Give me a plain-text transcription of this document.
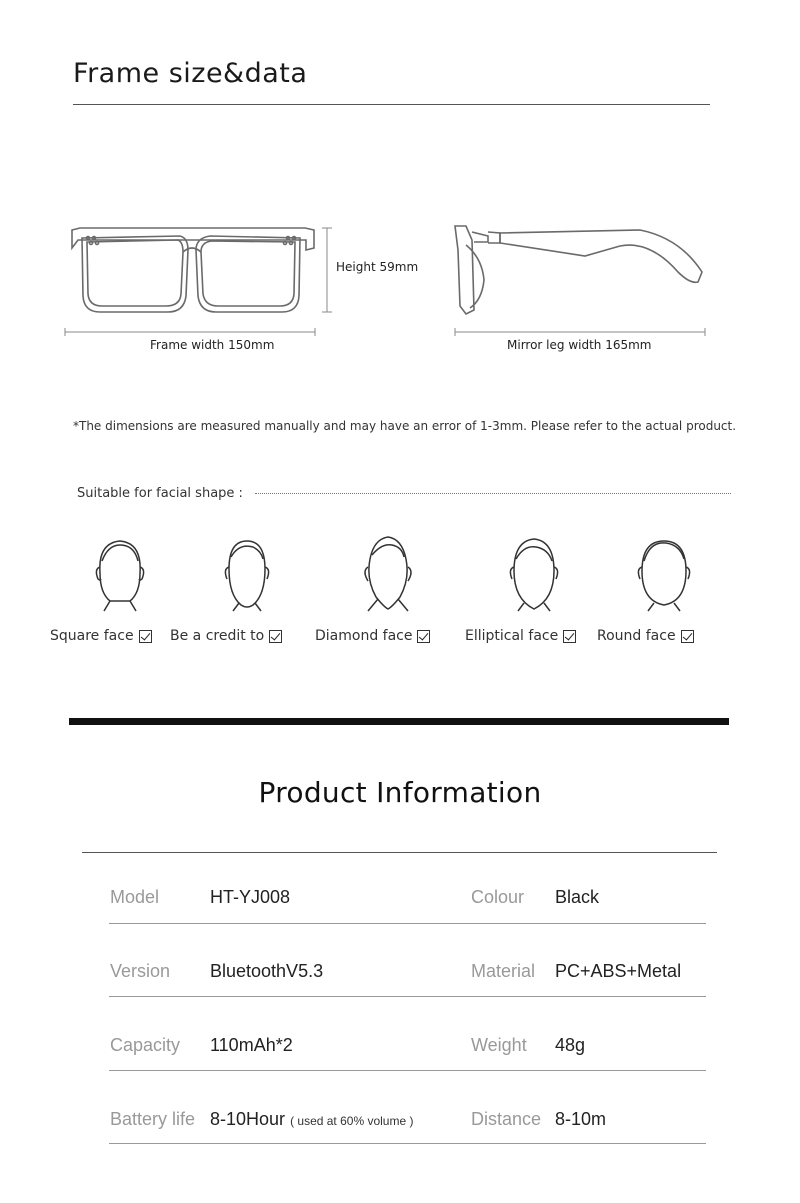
Frame size&data
Height 59mm
Frame width 150mm	Mirror leg width 165mm
*The dimensions are measured manually and may have an error of 1-3mm. Please refer to the actual product.
Suitable for facial shape :
Square face	Be a credit to	Diamond face	Elliptical face	Round face
Product Information
Model	HT-YJ008	Colour Black
Version BluetoothV5.3	Material PC+ABS+Metal
Capacity 110mAh*2	Weight 48g
Battery life 8-10Hour ( used at 60% volume )	Distance 8-10m
